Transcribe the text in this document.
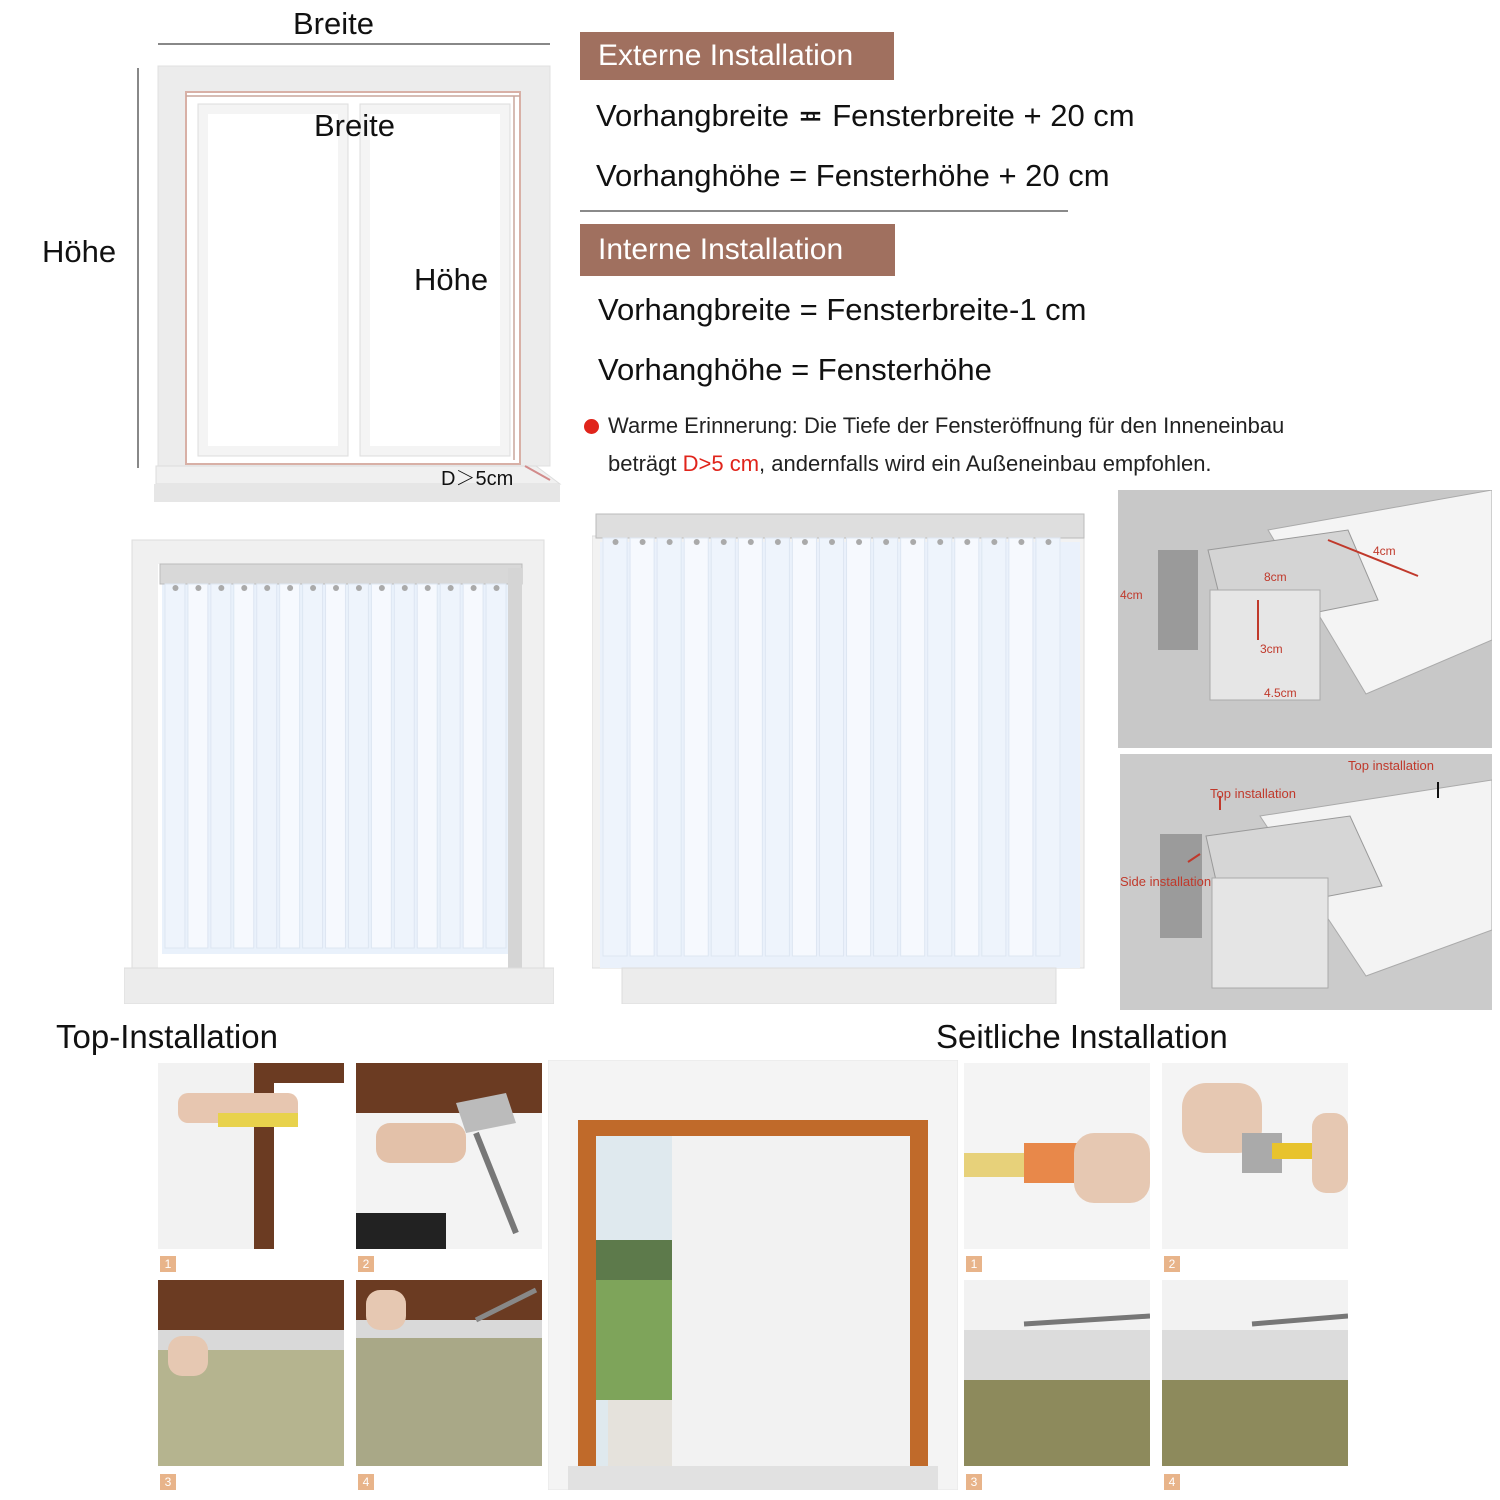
Breite
Breite
Höhe
Höhe
D＞5cm
Externe Installation
Vorhangbreite ≖ Fensterbreite + 20 cm
Vorhanghöhe = Fensterhöhe + 20 cm
Interne Installation
Vorhangbreite = Fensterbreite-1 cm
Vorhanghöhe = Fensterhöhe
Warme Erinnerung: Die Tiefe der Fensteröffnung für den Inneneinbau
beträgt D>5 cm, andernfalls wird ein Außeneinbau empfohlen.
4cm
4cm
8cm
3cm
4.5cm
Top installation
Top installation
Side installation
Top-Installation	Seitliche Installation
1	2
3	4
1	2
3	4
